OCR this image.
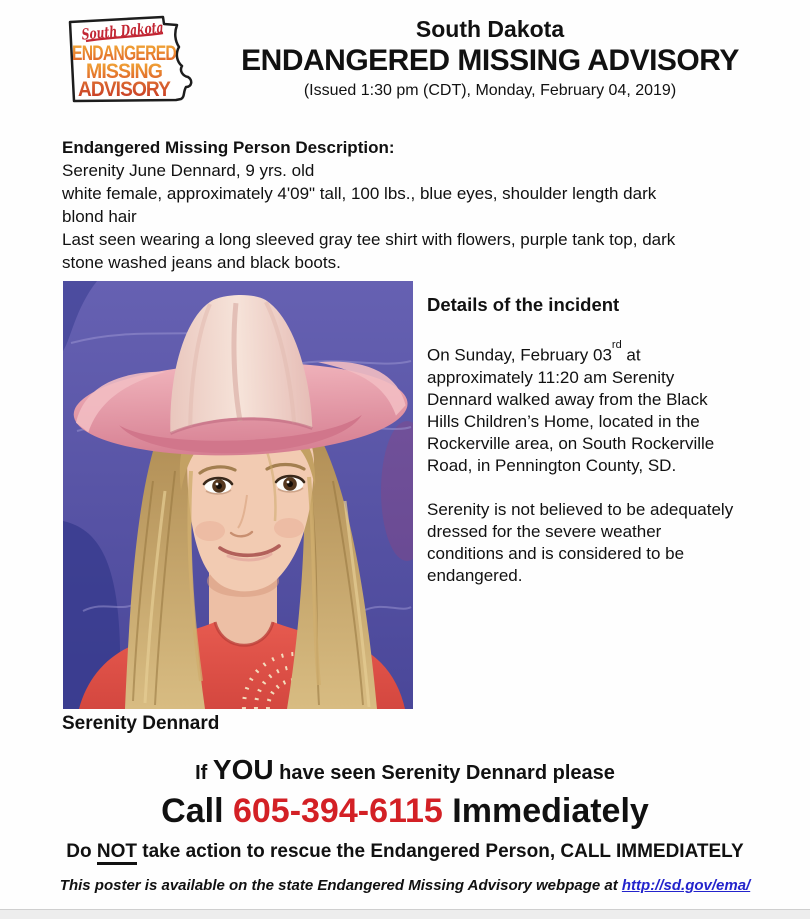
South Dakota
ENDANGERED
MISSING
ADVISORY
South Dakota
ENDANGERED MISSING ADVISORY
(Issued 1:30 pm (CDT), Monday, February 04, 2019)
Endangered Missing Person Description:
Serenity June Dennard, 9 yrs. old
white female, approximately 4'09" tall, 100 lbs., blue eyes, shoulder length dark
blond hair
Last seen wearing a long sleeved gray tee shirt with flowers, purple tank top, dark
stone washed jeans and black boots.
Serenity Dennard
Details of the incident
On Sunday, February 03rd at
approximately 11:20 am Serenity
Dennard walked away from the Black
Hills Children’s Home, located in the
Rockerville area, on South Rockerville
Road, in Pennington County, SD.
Serenity is not believed to be adequately
dressed for the severe weather
conditions and is considered to be
endangered.
If YOU have seen Serenity Dennard please
Call 605-394-6115 Immediately
Do NOT take action to rescue the Endangered Person, CALL IMMEDIATELY
This poster is available on the state Endangered Missing Advisory webpage at http://sd.gov/ema/
